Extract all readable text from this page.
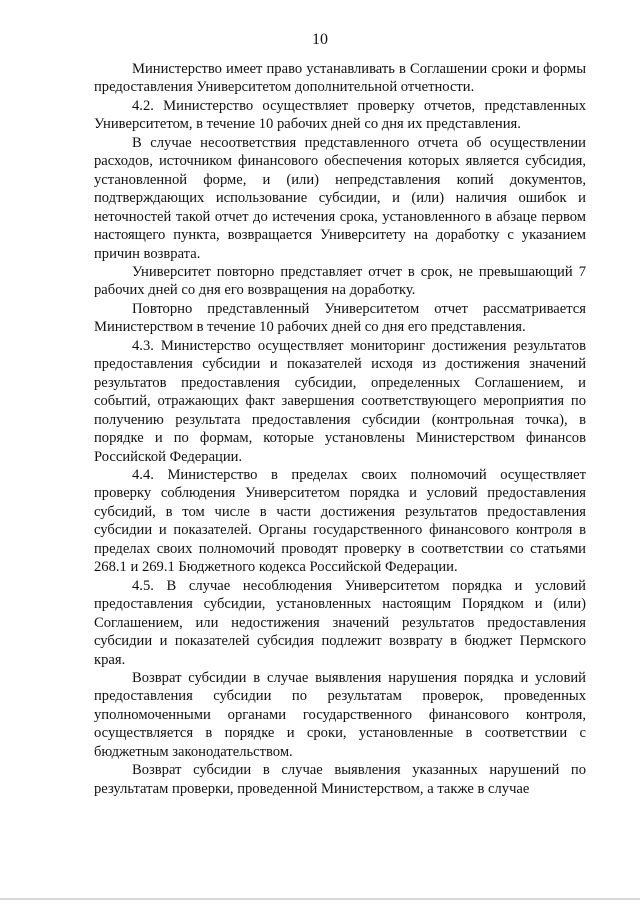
10

Министерство имеет право устанавливать в Соглашении сроки и формы предоставления Университетом дополнительной отчетности.

4.2. Министерство осуществляет проверку отчетов, представленных Университетом, в течение 10 рабочих дней со дня их представления.

В случае несоответствия представленного отчета об осуществлении расходов, источником финансового обеспечения которых является субсидия, установленной форме, и (или) непредставления копий документов, подтверждающих использование субсидии, и (или) наличия ошибок и неточностей такой отчет до истечения срока, установленного в абзаце первом настоящего пункта, возвращается Университету на доработку с указанием причин возврата.

Университет повторно представляет отчет в срок, не превышающий 7 рабочих дней со дня его возвращения на доработку.

Повторно представленный Университетом отчет рассматривается Министерством в течение 10 рабочих дней со дня его представления.

4.3. Министерство осуществляет мониторинг достижения результатов предоставления субсидии и показателей исходя из достижения значений результатов предоставления субсидии, определенных Соглашением, и событий, отражающих факт завершения соответствующего мероприятия по получению результата предоставления субсидии (контрольная точка), в порядке и по формам, которые установлены Министерством финансов Российской Федерации.

4.4. Министерство в пределах своих полномочий осуществляет проверку соблюдения Университетом порядка и условий предоставления субсидий, в том числе в части достижения результатов предоставления субсидии и показателей. Органы государственного финансового контроля в пределах своих полномочий проводят проверку в соответствии со статьями 268.1 и 269.1 Бюджетного кодекса Российской Федерации.

4.5. В случае несоблюдения Университетом порядка и условий предоставления субсидии, установленных настоящим Порядком и (или) Соглашением, или недостижения значений результатов предоставления субсидии и показателей субсидия подлежит возврату в бюджет Пермского края.

Возврат субсидии в случае выявления нарушения порядка и условий предоставления субсидии по результатам проверок, проведенных уполномоченными органами государственного финансового контроля, осуществляется в порядке и сроки, установленные в соответствии с бюджетным законодательством.

Возврат субсидии в случае выявления указанных нарушений по результатам проверки, проведенной Министерством, а также в случае
